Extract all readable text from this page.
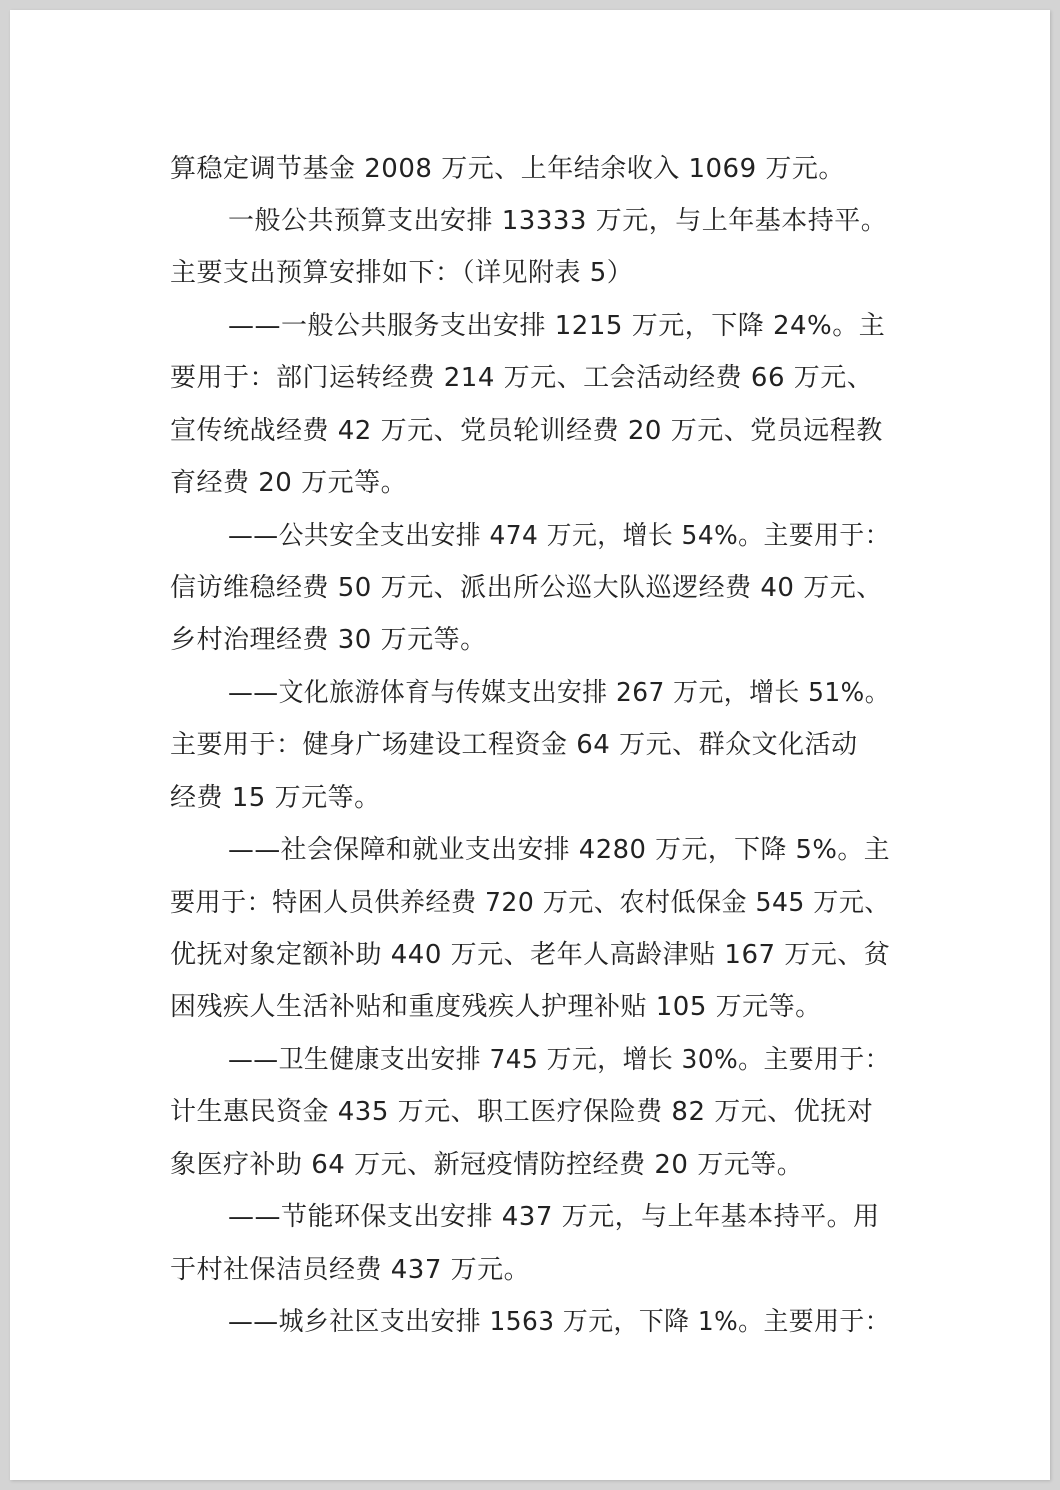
算稳定调节基金 2008 万元、上年结余收入 1069 万元。
一般公共预算支出安排 13333 万元，与上年基本持平。
主要支出预算安排如下：（详见附表 5）
——一般公共服务支出安排 1215 万元，下降 24%。主
要用于：部门运转经费 214 万元、工会活动经费 66 万元、
宣传统战经费 42 万元、党员轮训经费 20 万元、党员远程教
育经费 20 万元等。
——公共安全支出安排 474 万元，增长 54%。主要用于：
信访维稳经费 50 万元、派出所公巡大队巡逻经费 40 万元、
乡村治理经费 30 万元等。
——文化旅游体育与传媒支出安排 267 万元，增长 51%。
主要用于：健身广场建设工程资金 64 万元、群众文化活动
经费 15 万元等。
——社会保障和就业支出安排 4280 万元，下降 5%。主
要用于：特困人员供养经费 720 万元、农村低保金 545 万元、
优抚对象定额补助 440 万元、老年人高龄津贴 167 万元、贫
困残疾人生活补贴和重度残疾人护理补贴 105 万元等。
——卫生健康支出安排 745 万元，增长 30%。主要用于：
计生惠民资金 435 万元、职工医疗保险费 82 万元、优抚对
象医疗补助 64 万元、新冠疫情防控经费 20 万元等。
——节能环保支出安排 437 万元，与上年基本持平。用
于村社保洁员经费 437 万元。
——城乡社区支出安排 1563 万元，下降 1%。主要用于：
